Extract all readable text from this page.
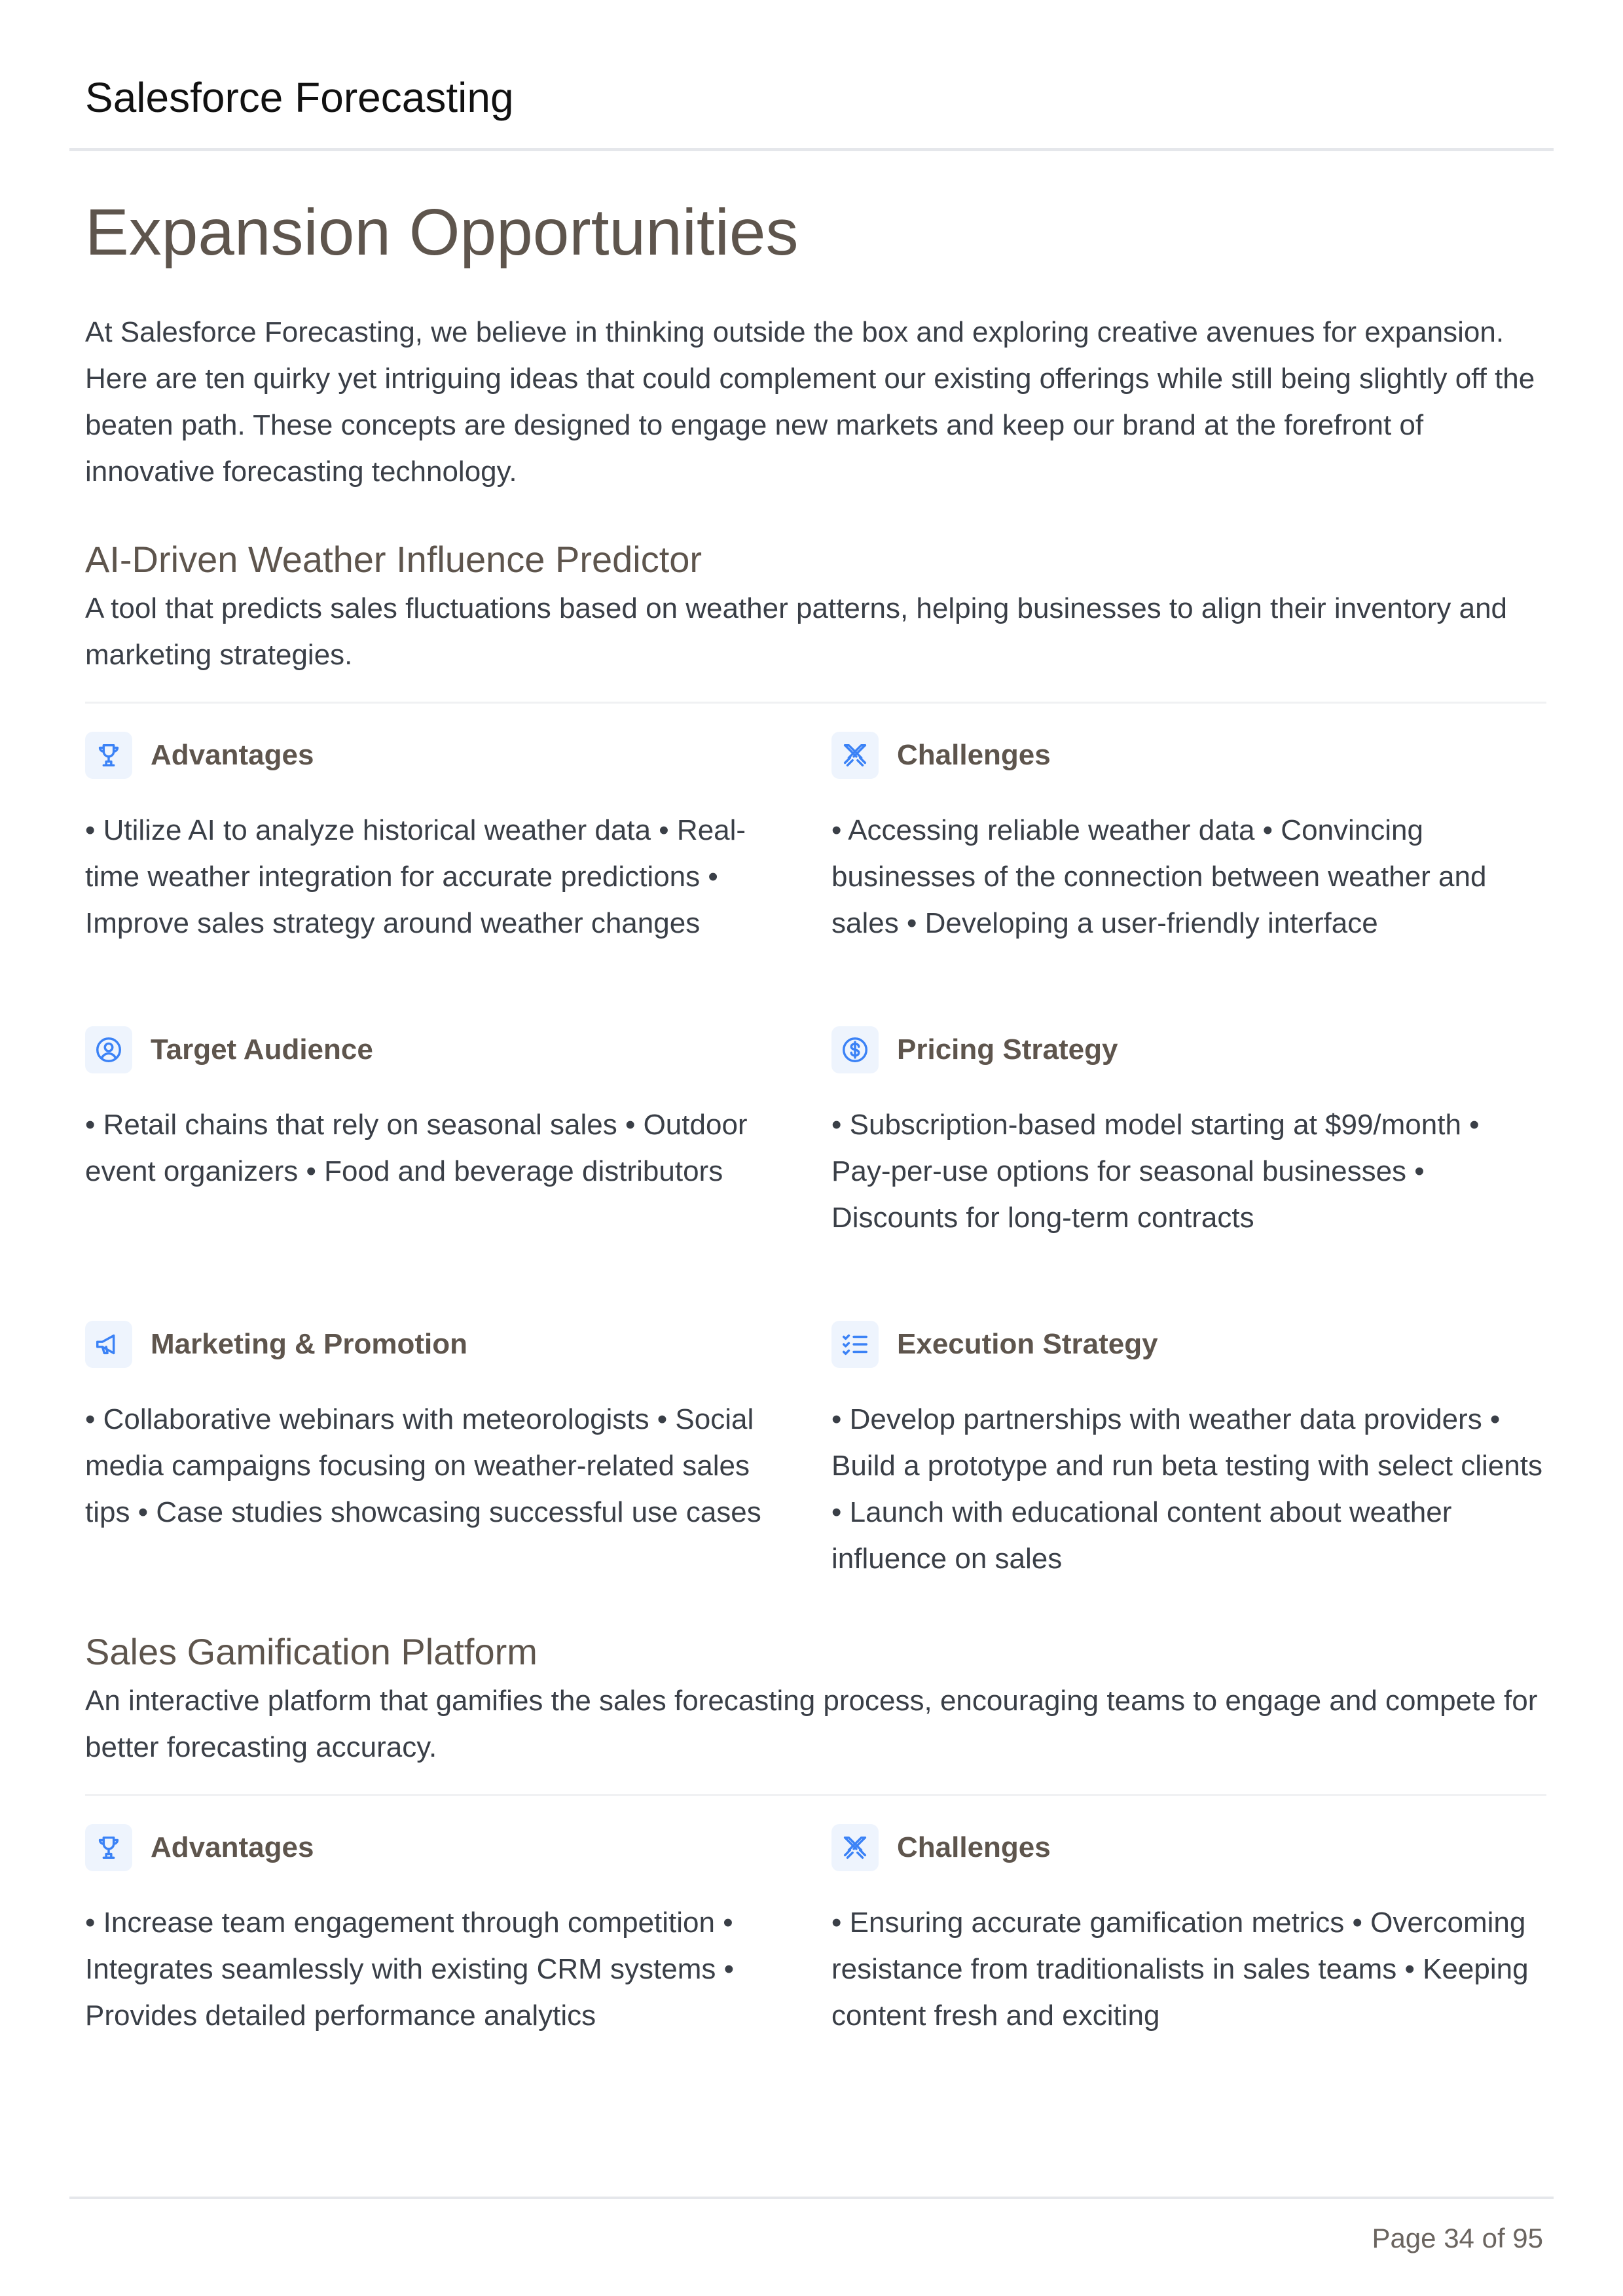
Salesforce Forecasting
Expansion Opportunities

At Salesforce Forecasting, we believe in thinking outside the box and exploring creative avenues for expansion. Here are ten quirky yet intriguing ideas that could complement our existing offerings while still being slightly off the beaten path. These concepts are designed to engage new markets and keep our brand at the forefront of innovative forecasting technology.

AI-Driven Weather Influence Predictor

A tool that predicts sales fluctuations based on weather patterns, helping businesses to align their inventory and marketing strategies.

Advantages

• Utilize AI to analyze historical weather data • Real-time weather integration for accurate predictions • Improve sales strategy around weather changes

Challenges

• Accessing reliable weather data • Convincing businesses of the connection between weather and sales • Developing a user-friendly interface

Target Audience

• Retail chains that rely on seasonal sales • Outdoor event organizers • Food and beverage distributors

Pricing Strategy

• Subscription-based model starting at $99/month • Pay-per-use options for seasonal businesses • Discounts for long-term contracts

Marketing & Promotion

• Collaborative webinars with meteorologists • Social media campaigns focusing on weather-related sales tips • Case studies showcasing successful use cases

Execution Strategy

• Develop partnerships with weather data providers • Build a prototype and run beta testing with select clients • Launch with educational content about weather influence on sales

Sales Gamification Platform

An interactive platform that gamifies the sales forecasting process, encouraging teams to engage and compete for better forecasting accuracy.

Advantages

• Increase team engagement through competition • Integrates seamlessly with existing CRM systems • Provides detailed performance analytics

Challenges

• Ensuring accurate gamification metrics • Overcoming resistance from traditionalists in sales teams • Keeping content fresh and exciting

Page 34 of 95
